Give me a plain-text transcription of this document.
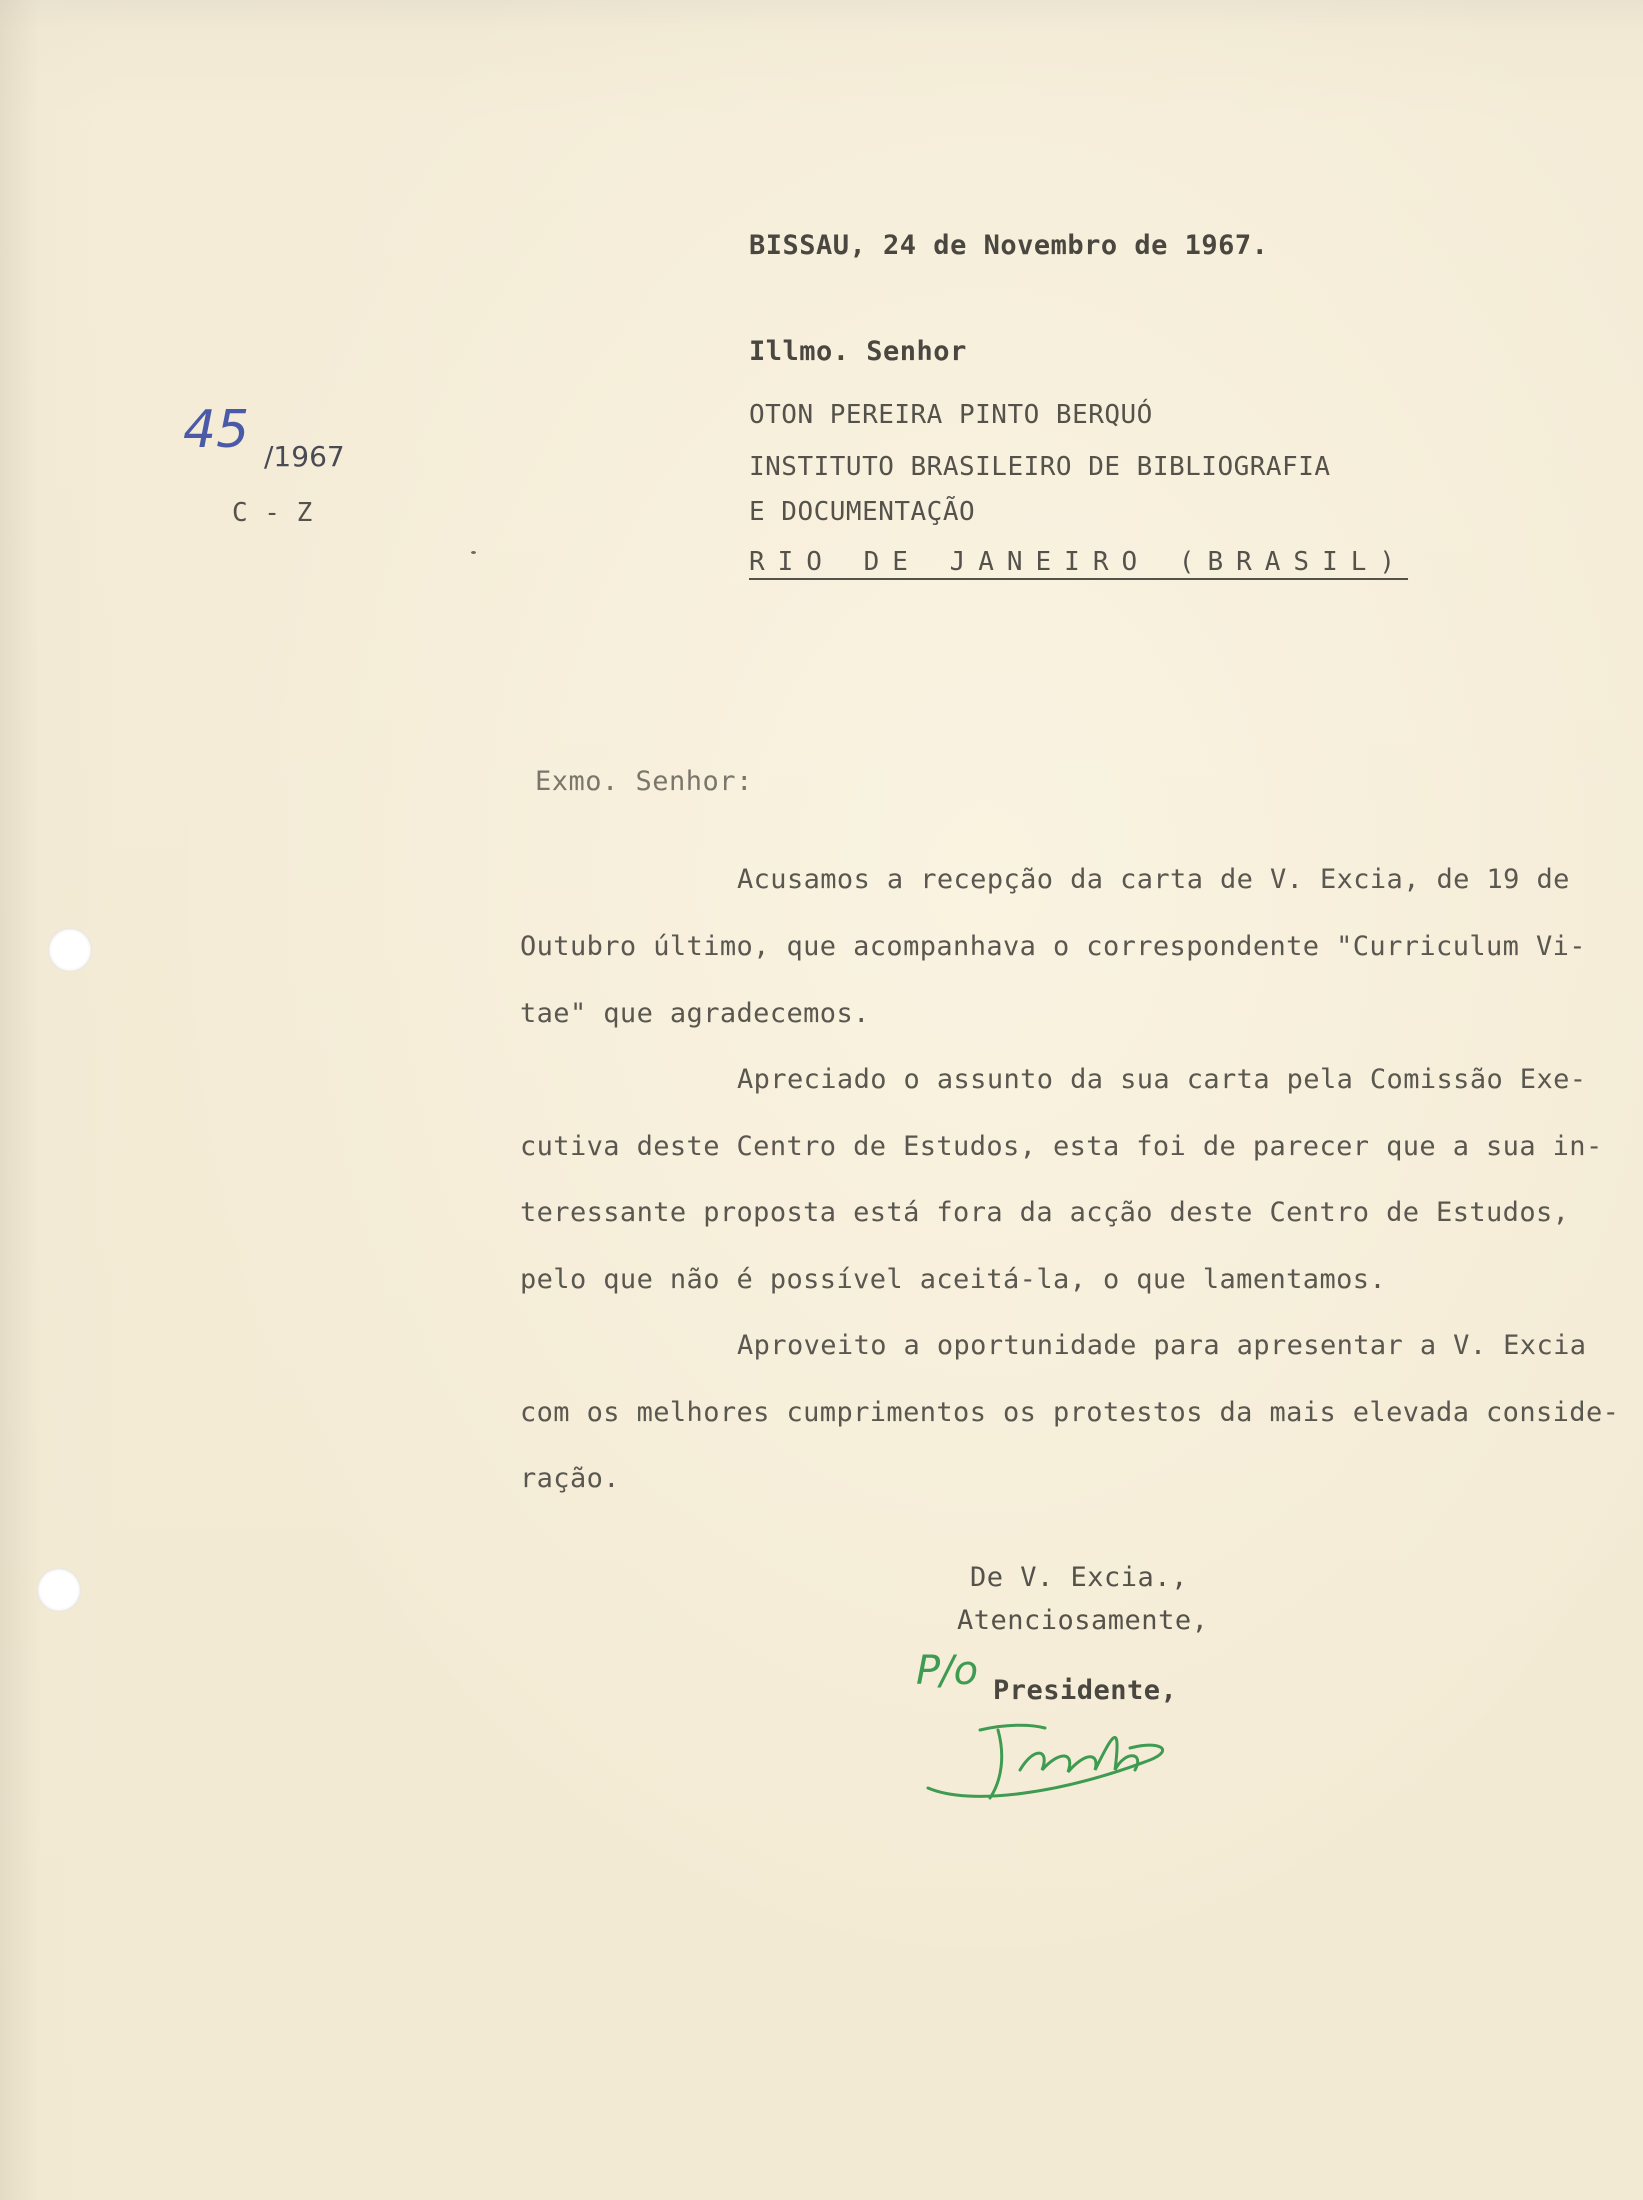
BISSAU, 24 de Novembro de 1967.
Illmo. Senhor
OTON PEREIRA PINTO BERQUÓ
INSTITUTO BRASILEIRO DE BIBLIOGRAFIA
E DOCUMENTAÇÃO
RIO DE JANEIRO (BRASIL)
45 /1967
C - Z
Exmo. Senhor:
Acusamos a recepção da carta de V. Excia, de 19 de
Outubro último, que acompanhava o correspondente "Curriculum Vi-
tae" que agradecemos.
Apreciado o assunto da sua carta pela Comissão Exe-
cutiva deste Centro de Estudos, esta foi de parecer que a sua in-
teressante proposta está fora da acção deste Centro de Estudos,
pelo que não é possível aceitá-la, o que lamentamos.
Aproveito a oportunidade para apresentar a V. Excia
com os melhores cumprimentos os protestos da mais elevada conside-
ração.
De V. Excia.,
Atenciosamente,
P/o Presidente,
